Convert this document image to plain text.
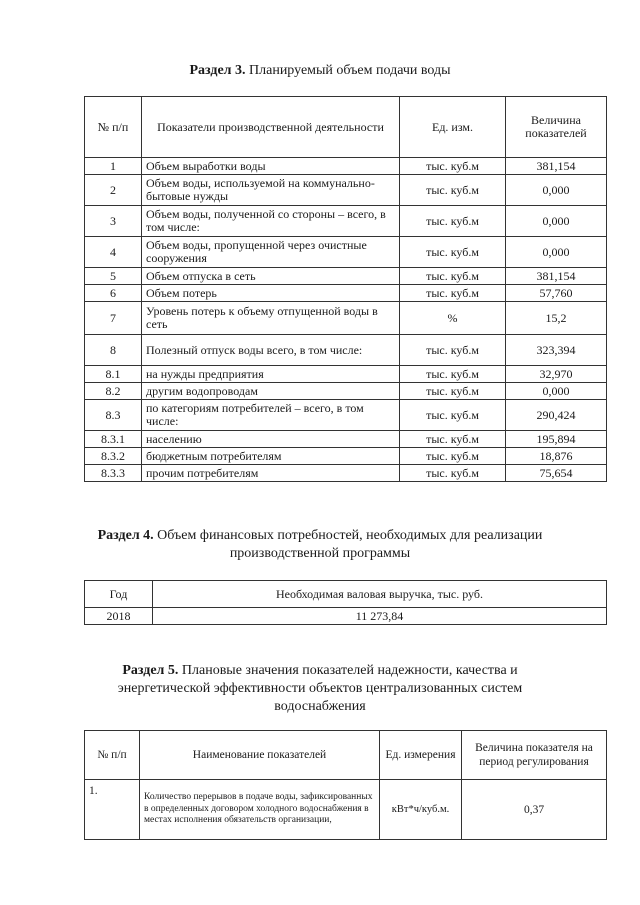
Раздел 3. Планируемый объем подачи воды
№ п/п	Показатели производственной деятельности	Ед. изм.	Величина показателей
1	Объем выработки воды	тыс. куб.м	381,154
2	Объем воды, используемой на коммунально-бытовые нужды	тыс. куб.м	0,000
3	Объем воды, полученной со стороны – всего, в том числе:	тыс. куб.м	0,000
4	Объем воды, пропущенной через очистные сооружения	тыс. куб.м	0,000
5	Объем отпуска в сеть	тыс. куб.м	381,154
6	Объем потерь	тыс. куб.м	57,760
7	Уровень потерь к объему отпущенной воды в сеть	%	15,2
8	Полезный отпуск воды всего, в том числе:	тыс. куб.м	323,394
8.1	на нужды предприятия	тыс. куб.м	32,970
8.2	другим водопроводам	тыс. куб.м	0,000
8.3	по категориям потребителей – всего, в том числе:	тыс. куб.м	290,424
8.3.1	населению	тыс. куб.м	195,894
8.3.2	бюджетным потребителям	тыс. куб.м	18,876
8.3.3	прочим потребителям	тыс. куб.м	75,654
Раздел 4. Объем финансовых потребностей, необходимых для реализации
производственной программы
Год	Необходимая валовая выручка, тыс. руб.
2018	11 273,84
Раздел 5. Плановые значения показателей надежности, качества и
энергетической эффективности объектов централизованных систем
водоснабжения
№ п/п	Наименование показателей	Ед. измерения	Величина показателя на период регулирования
1.	Количество перерывов в подаче воды, зафиксированных в определенных договором холодного водоснабжения в местах исполнения обязательств организации,	кВт*ч/куб.м.	0,37
